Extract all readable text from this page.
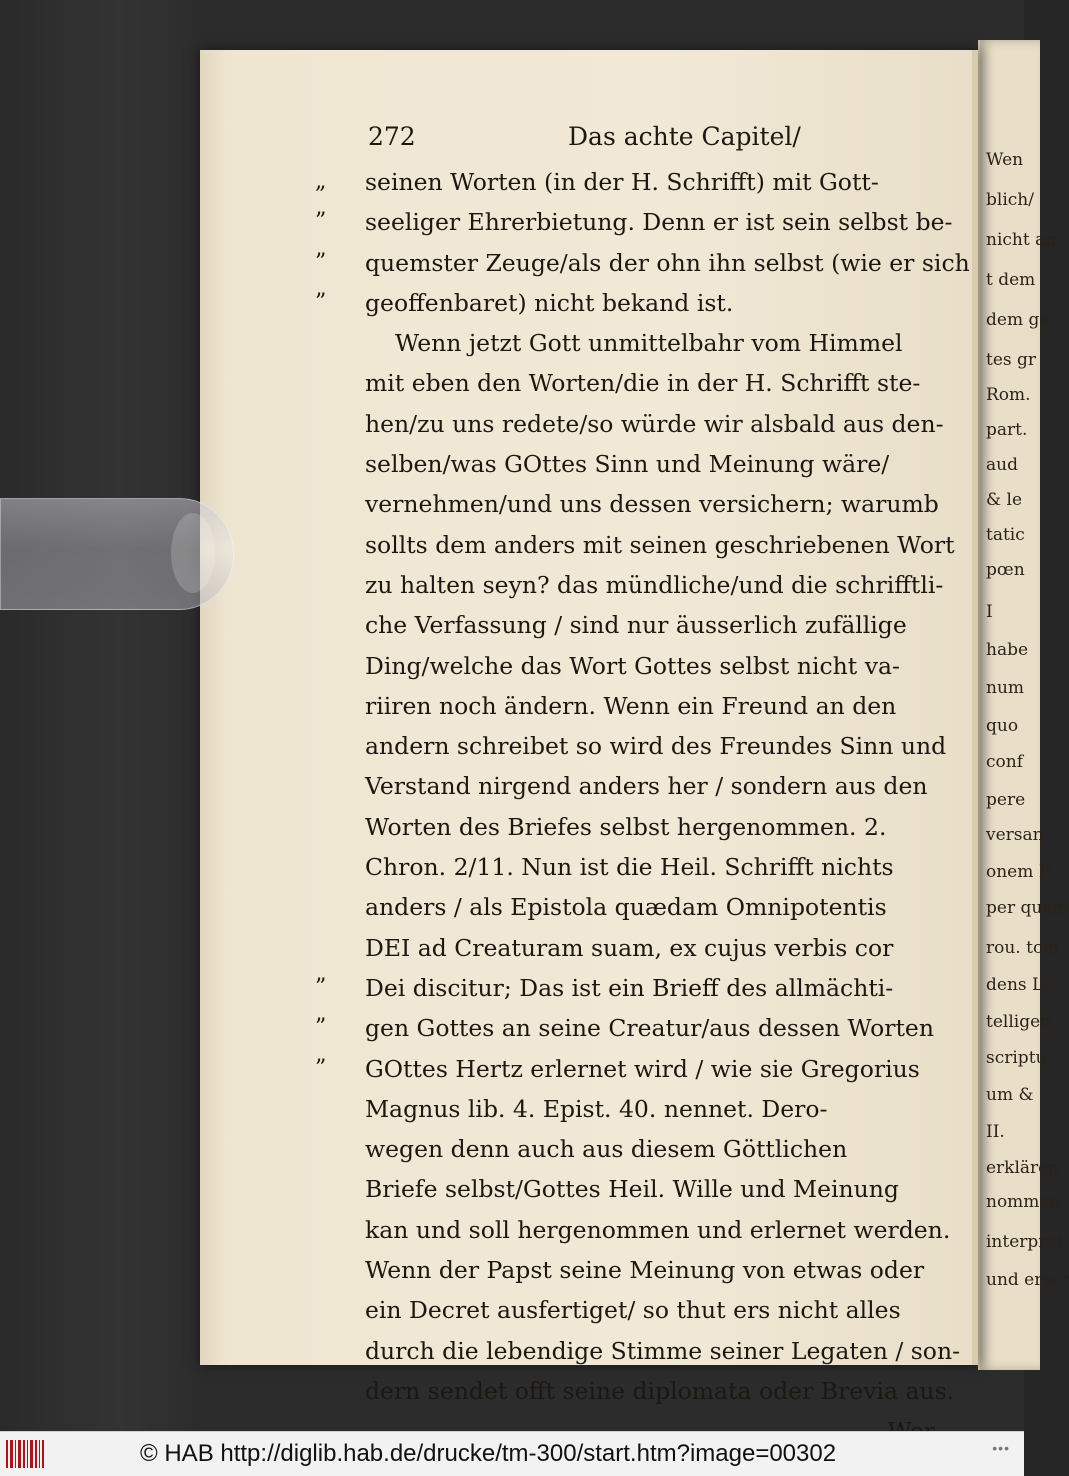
Wen
blich/
nicht an
t dem
dem ge
tes gr
Rom.
part.
aud
& le
tatic
pœn
I
habe
num
quo
conf
pere
versan
onem P
per quam
rou. tom.
dens Le
telligen
scriptu
um &
II.
erklären
nommen
interpret.
und ersor
272	Das achte Capitel/
„ seinen Worten (in der H. Schrifft) mit Gott-
” seeliger Ehrerbietung. Denn er ist sein selbst be-
” quemster Zeuge/als der ohn ihn selbst (wie er sich
” geoffenbaret) nicht bekand ist.
Wenn jetzt Gott unmittelbahr vom Himmel
mit eben den Worten/die in der H. Schrifft ste-
hen/zu uns redete/so würde wir alsbald aus den-
selben/was GOttes Sinn und Meinung wäre/
vernehmen/und uns dessen versichern; warumb
sollts dem anders mit seinen geschriebenen Wort
zu halten seyn? das mündliche/und die schrifftli-
che Verfassung / sind nur äusserlich zufällige
Ding/welche das Wort Gottes selbst nicht va-
riiren noch ändern. Wenn ein Freund an den
andern schreibet so wird des Freundes Sinn und
Verstand nirgend anders her / sondern aus den
Worten des Briefes selbst hergenommen. 2.
Chron. 2/11. Nun ist die Heil. Schrifft nichts
anders / als Epistola quædam Omnipotentis
DEI ad Creaturam suam, ex cujus verbis cor
” Dei discitur; Das ist ein Brieff des allmächti-
” gen Gottes an seine Creatur/aus dessen Worten
” GOttes Hertz erlernet wird / wie sie Gregorius
Magnus lib. 4. Epist. 40. nennet. Dero-
wegen denn auch aus diesem Göttlichen
Briefe selbst/Gottes Heil. Wille und Meinung
kan und soll hergenommen und erlernet werden.
Wenn der Papst seine Meinung von etwas oder
ein Decret ausfertiget/ so thut ers nicht alles
durch die lebendige Stimme seiner Legaten / son-
dern sendet offt seine diplomata oder Brevia aus.
© HAB http://diglib.hab.de/drucke/tm-300/start.htm?image=00302	•••
